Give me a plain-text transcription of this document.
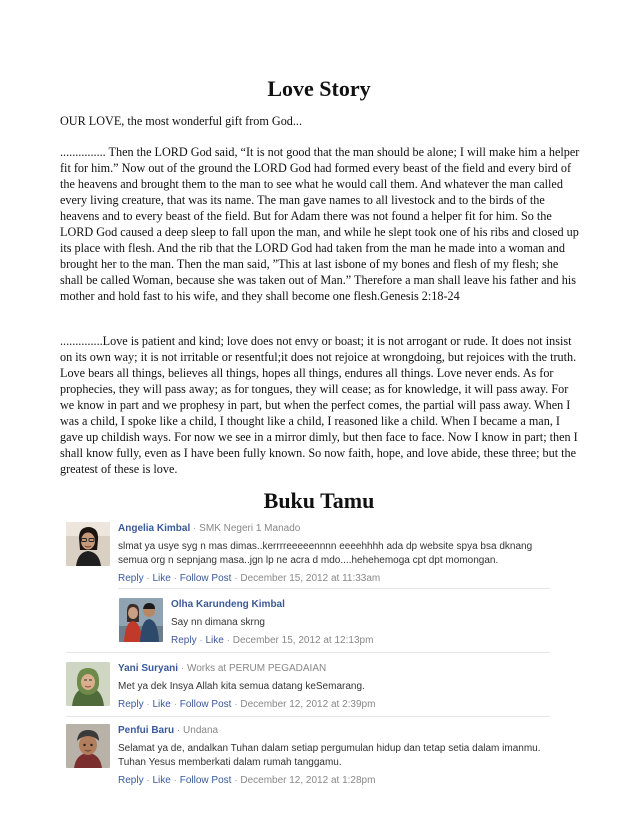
Love Story

OUR LOVE, the most wonderful gift from God...

............... Then the LORD God said, “It is not good that the man should be alone; I will make him a helper fit for him.” Now out of the ground the LORD God had formed every beast of the field and every bird of the heavens and brought them to the man to see what he would call them. And whatever the man called every living creature, that was its name. The man gave names to all livestock and to the birds of the heavens and to every beast of the field. But for Adam there was not found a helper fit for him. So the LORD God caused a deep sleep to fall upon the man, and while he slept took one of his ribs and closed up its place with flesh. And the rib that the LORD God had taken from the man he made into a woman and brought her to the man. Then the man said, ”This at last isbone of my bones and flesh of my flesh; she shall be called Woman, because she was taken out of Man.” Therefore a man shall leave his father and his mother and hold fast to his wife, and they shall become one flesh.Genesis 2:18-24

..............Love is patient and kind; love does not envy or boast; it is not arrogant or rude. It does not insist on its own way; it is not irritable or resentful;it does not rejoice at wrongdoing, but rejoices with the truth. Love bears all things, believes all things, hopes all things, endures all things. Love never ends. As for prophecies, they will pass away; as for tongues, they will cease; as for knowledge, it will pass away. For we know in part and we prophesy in part, but when the perfect comes, the partial will pass away. When I was a child, I spoke like a child, I thought like a child, I reasoned like a child. When I became a man, I gave up childish ways. For now we see in a mirror dimly, but then face to face. Now I know in part; then I shall know fully, even as I have been fully known. So now faith, hope, and love abide, these three; but the greatest of these is love.

Buku Tamu
Angelia Kimbal · SMK Negeri 1 Manado
slmat ya usye syg n mas dimas..kerrrreeeeennnn eeeehhhh ada dp website spya bsa dknang semua org n sepnjang masa..jgn lp ne acra d mdo....hehehemoga cpt dpt momongan.
Reply · Like · Follow Post · December 15, 2012 at 11:33am
Olha Karundeng Kimbal
Say nn dimana skrng
Reply · Like · December 15, 2012 at 12:13pm
Yani Suryani · Works at PERUM PEGADAIAN
Met ya dek Insya Allah kita semua datang keSemarang.
Reply · Like · Follow Post · December 12, 2012 at 2:39pm
Penfui Baru · Undana
Selamat ya de, andalkan Tuhan dalam setiap pergumulan hidup dan tetap setia dalam imanmu. Tuhan Yesus memberkati dalam rumah tanggamu.
Reply · Like · Follow Post · December 12, 2012 at 1:28pm
